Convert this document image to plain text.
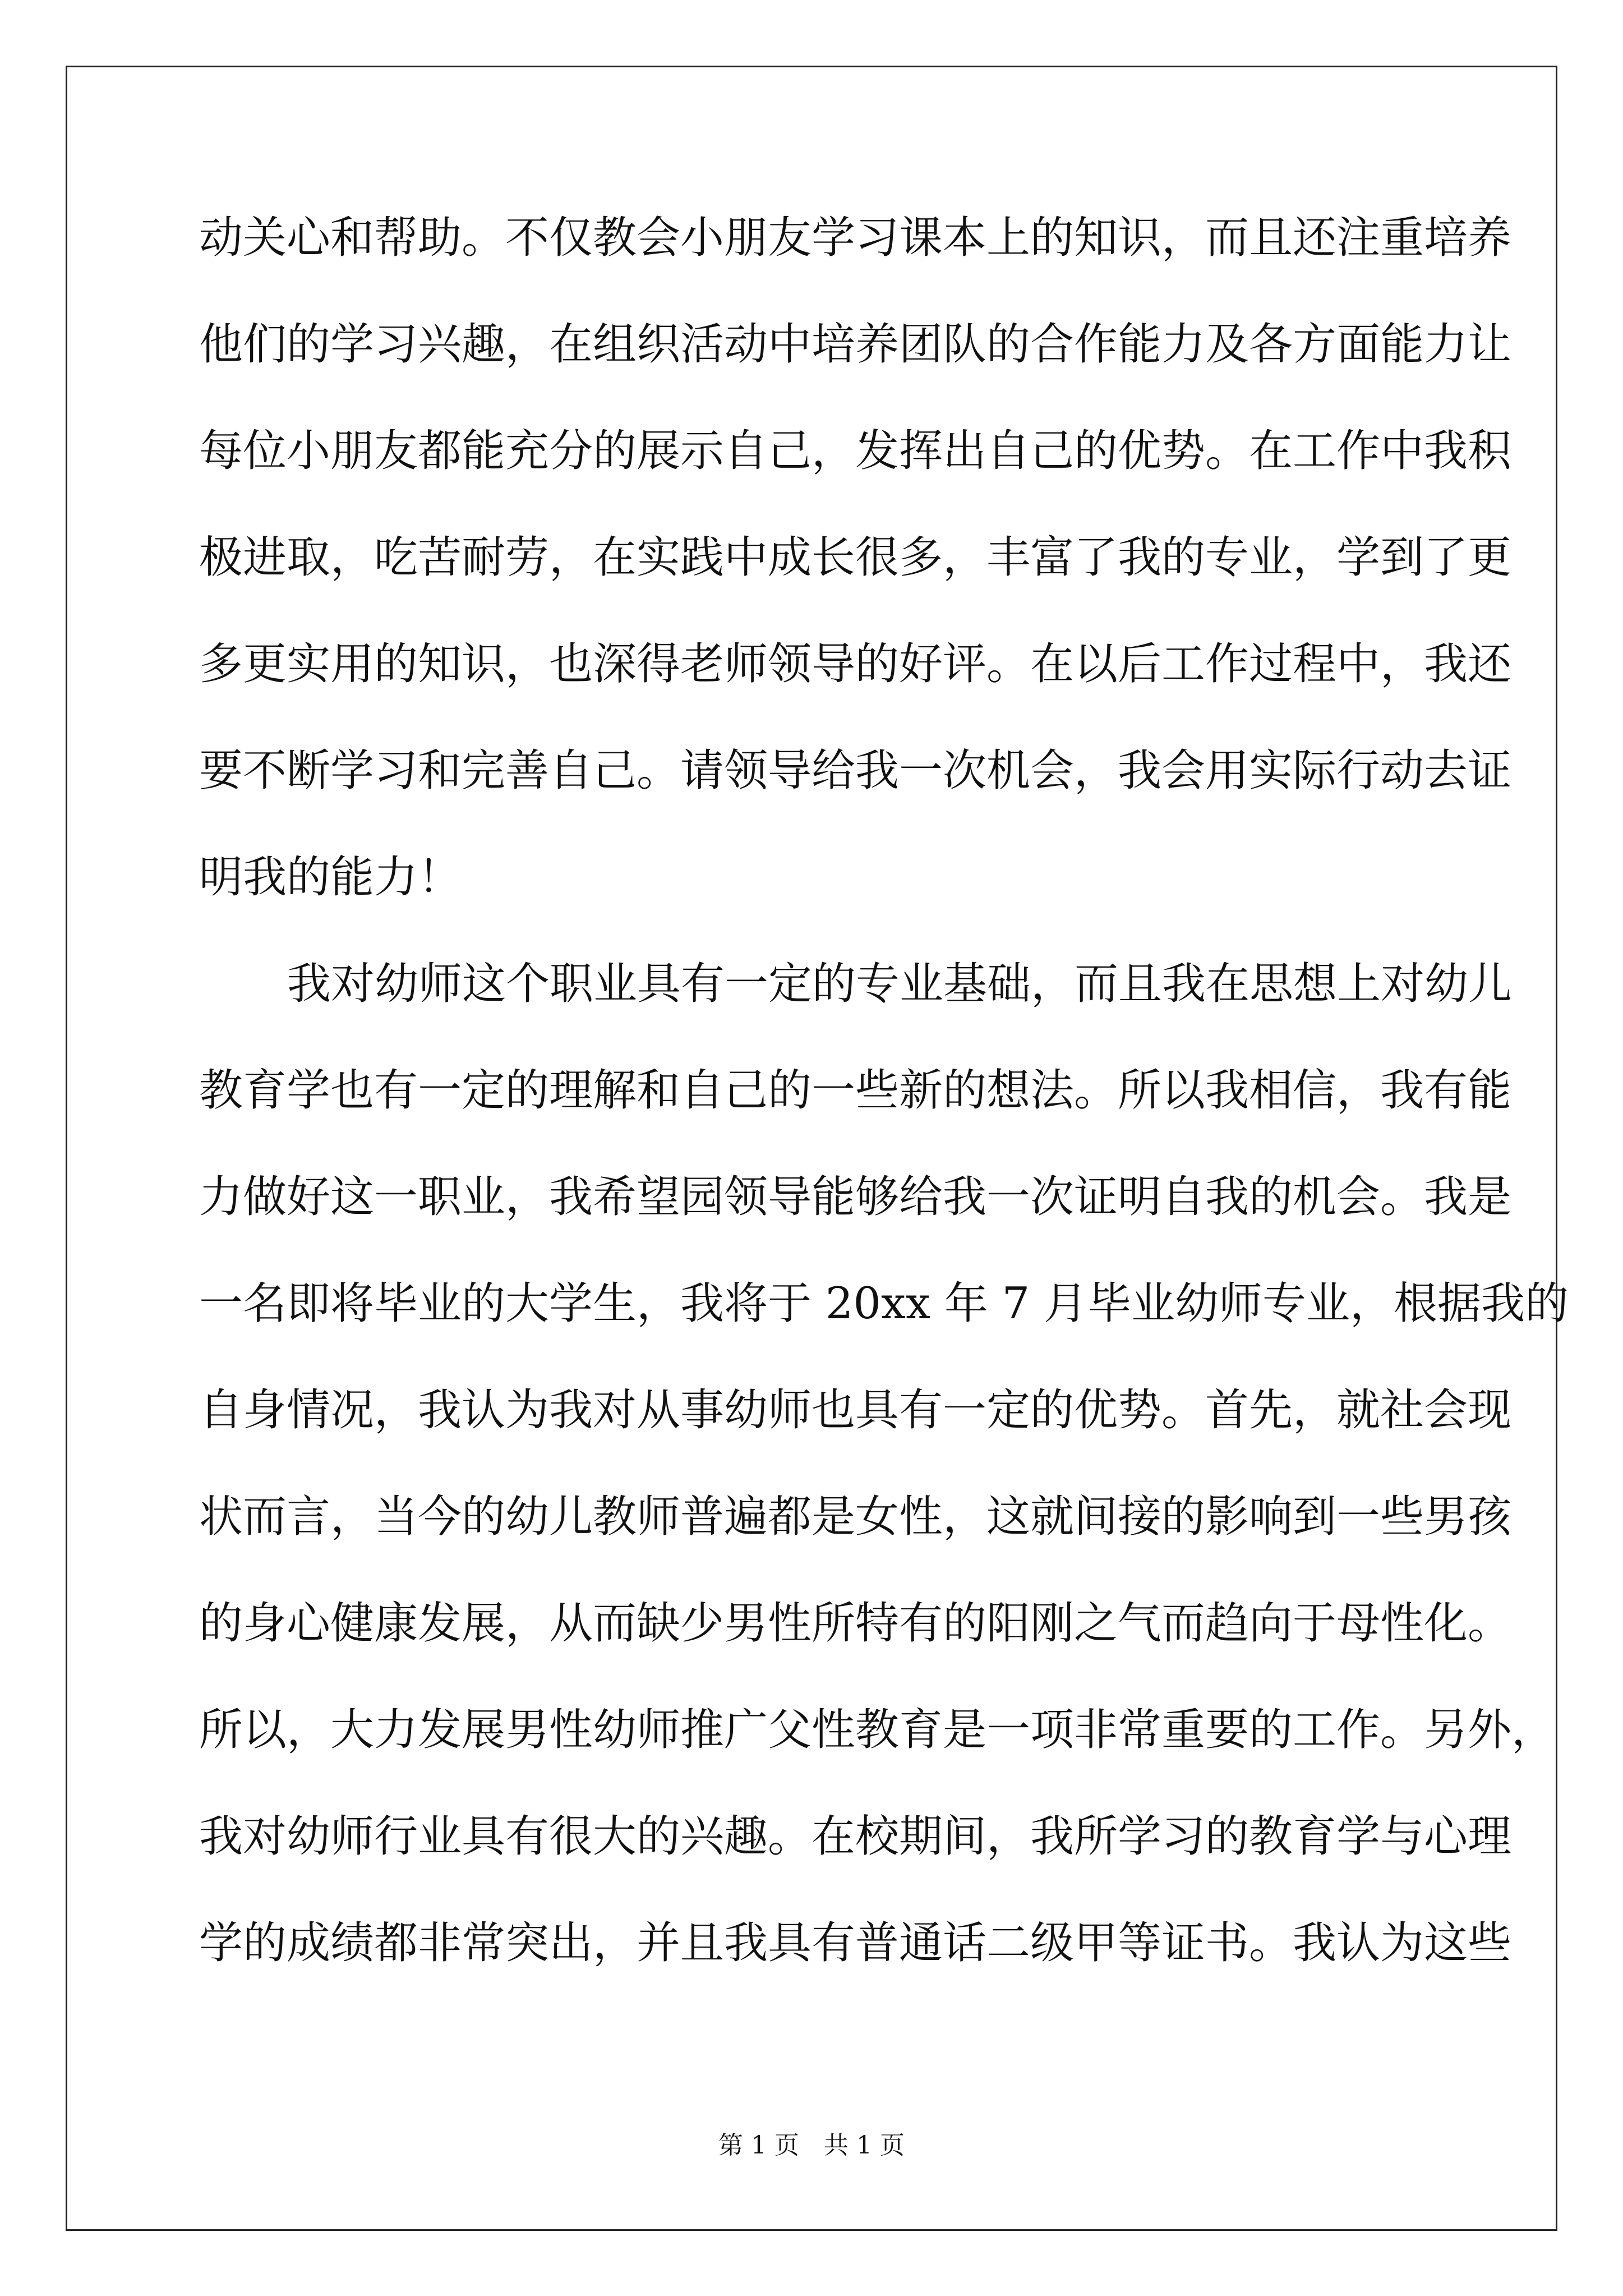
动关心和帮助。不仅教会小朋友学习课本上的知识，而且还注重培养
他们的学习兴趣，在组织活动中培养团队的合作能力及各方面能力让
每位小朋友都能充分的展示自己，发挥出自己的优势。在工作中我积
极进取，吃苦耐劳，在实践中成长很多，丰富了我的专业，学到了更
多更实用的知识，也深得老师领导的好评。在以后工作过程中，我还
要不断学习和完善自己。请领导给我一次机会，我会用实际行动去证
明我的能力！
我对幼师这个职业具有一定的专业基础，而且我在思想上对幼儿
教育学也有一定的理解和自己的一些新的想法。所以我相信，我有能
力做好这一职业，我希望园领导能够给我一次证明自我的机会。我是
一名即将毕业的大学生，我将于 20xx 年 7 月毕业幼师专业，根据我的
自身情况，我认为我对从事幼师也具有一定的优势。首先，就社会现
状而言，当今的幼儿教师普遍都是女性，这就间接的影响到一些男孩
的身心健康发展，从而缺少男性所特有的阳刚之气而趋向于母性化。
所以，大力发展男性幼师推广父性教育是一项非常重要的工作。另外，
我对幼师行业具有很大的兴趣。在校期间，我所学习的教育学与心理
学的成绩都非常突出，并且我具有普通话二级甲等证书。我认为这些
第 1 页　共 1 页
